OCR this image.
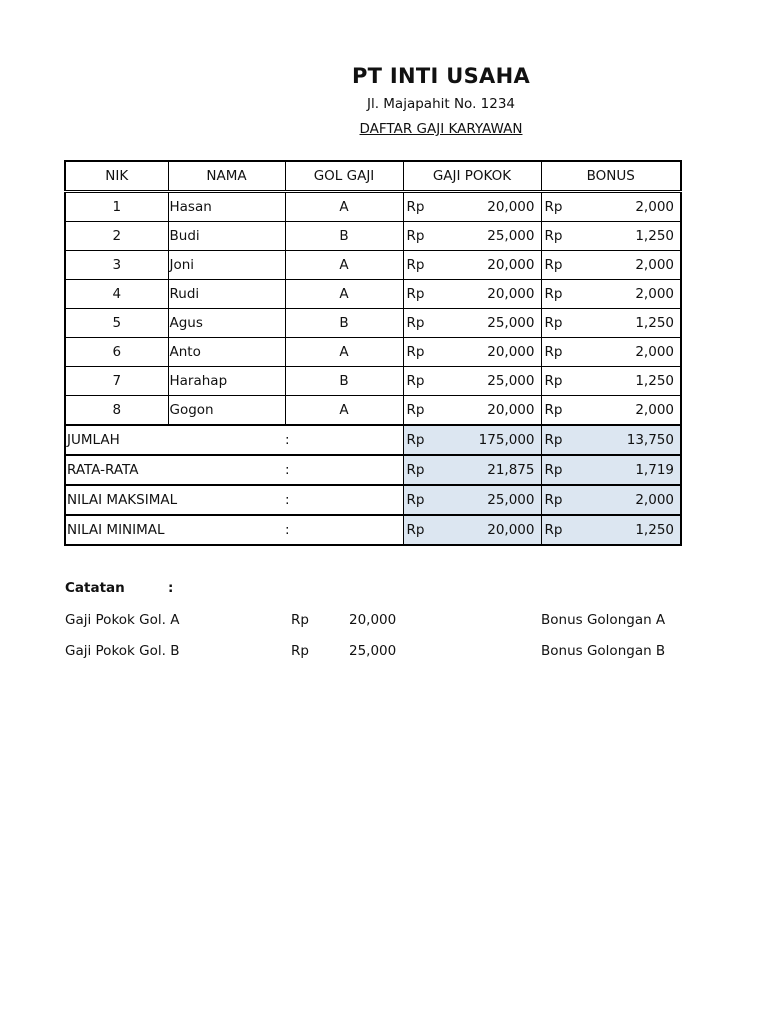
PT INTI USAHA
Jl. Majapahit No. 1234
DAFTAR GAJI KARYAWAN
NIK	NAMA	GOL GAJI	GAJI POKOK	BONUS
1	Hasan	A	Rp 20,000	Rp 2,000

2	Budi	B	Rp 25,000	Rp 1,250

3	Joni	A	Rp 20,000	Rp 2,000

4	Rudi	A	Rp 20,000	Rp 2,000

5	Agus	B	Rp 25,000	Rp 1,250

6	Anto	A	Rp 20,000	Rp 2,000

7	Harahap	B	Rp 25,000	Rp 1,250

8	Gogon	A	Rp 20,000	Rp 2,000

JUMLAH		:	Rp 175,000	Rp 13,750

RATA-RATA		:	Rp 21,875	Rp 1,719

NILAI MAKSIMAL		:	Rp 25,000	Rp 2,000

NILAI MINIMAL		:	Rp 20,000	Rp 1,250
Catatan	:
Gaji Pokok Gol. A	Rp	20,000	Bonus Golongan A
Gaji Pokok Gol. B	Rp	25,000	Bonus Golongan B
